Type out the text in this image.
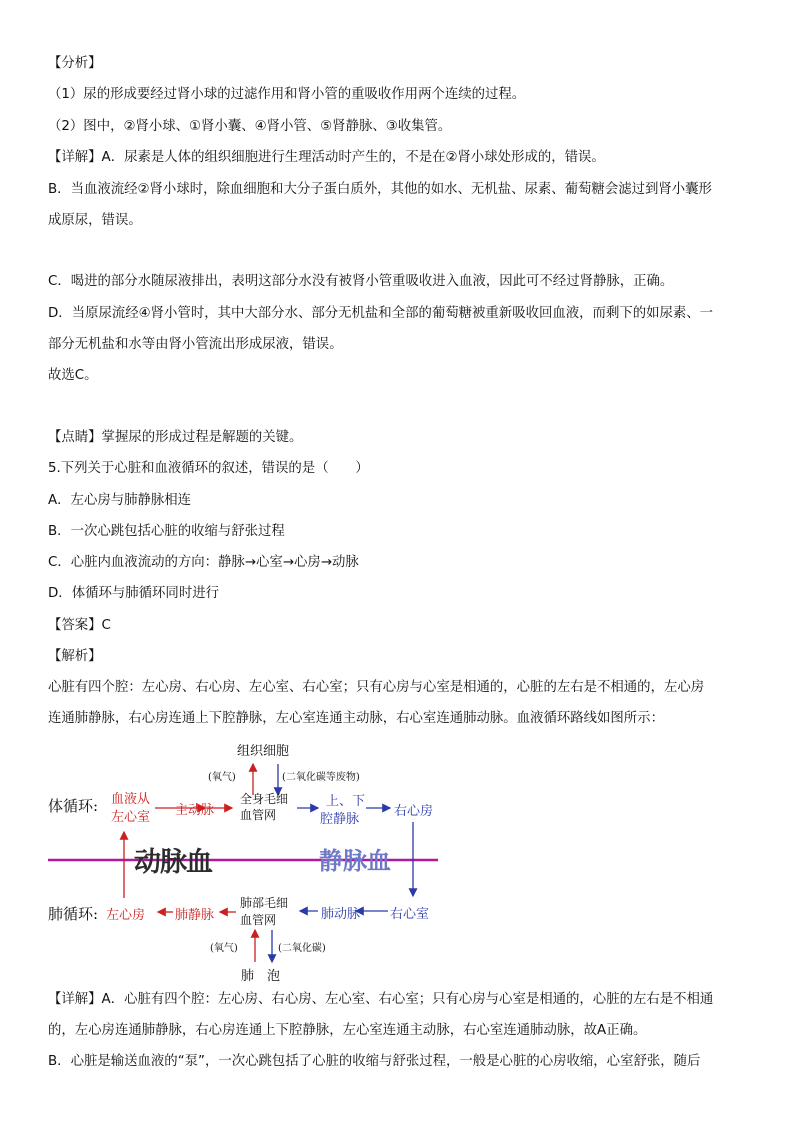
【分析】
（1）尿的形成要经过肾小球的过滤作用和肾小管的重吸收作用两个连续的过程。
（2）图中，②肾小球、①肾小囊、④肾小管、⑤肾静脉、③收集管。
【详解】A．尿素是人体的组织细胞进行生理活动时产生的，不是在②肾小球处形成的，错误。
B．当血液流经②肾小球时，除血细胞和大分子蛋白质外，其他的如水、无机盐、尿素、葡萄糖会滤过到肾小囊形
成原尿，错误。
C．喝进的部分水随尿液排出，表明这部分水没有被肾小管重吸收进入血液，因此可不经过肾静脉，正确。
D．当原尿流经④肾小管时，其中大部分水、部分无机盐和全部的葡萄糖被重新吸收回血液，而剩下的如尿素、一
部分无机盐和水等由肾小管流出形成尿液，错误。
故选C。
【点睛】掌握尿的形成过程是解题的关键。
5.下列关于心脏和血液循环的叙述，错误的是（　　）
A．左心房与肺静脉相连
B．一次心跳包括心脏的收缩与舒张过程
C．心脏内血液流动的方向：静脉→心室→心房→动脉
D．体循环与肺循环同时进行
【答案】C
【解析】
心脏有四个腔：左心房、右心房、左心室、右心室；只有心房与心室是相通的，心脏的左右是不相通的，左心房
连通肺静脉，右心房连通上下腔静脉，左心室连通主动脉，右心室连通肺动脉。血液循环路线如图所示：
组织细胞
(氧气)	(二氧化碳等废物)
体循环: 血液从
左心室 主动脉
全身毛细
血管网
上、下
腔静脉
右心房
动脉血	静脉血
肺循环: 左心房 肺静脉
肺部毛细
血管网	肺动脉 右心室
(氧气)	(二氧化碳)
肺　泡
【详解】A．心脏有四个腔：左心房、右心房、左心室、右心室；只有心房与心室是相通的，心脏的左右是不相通
的，左心房连通肺静脉，右心房连通上下腔静脉，左心室连通主动脉，右心室连通肺动脉，故A正确。
B．心脏是输送血液的“泵”，一次心跳包括了心脏的收缩与舒张过程，一般是心脏的心房收缩，心室舒张，随后
